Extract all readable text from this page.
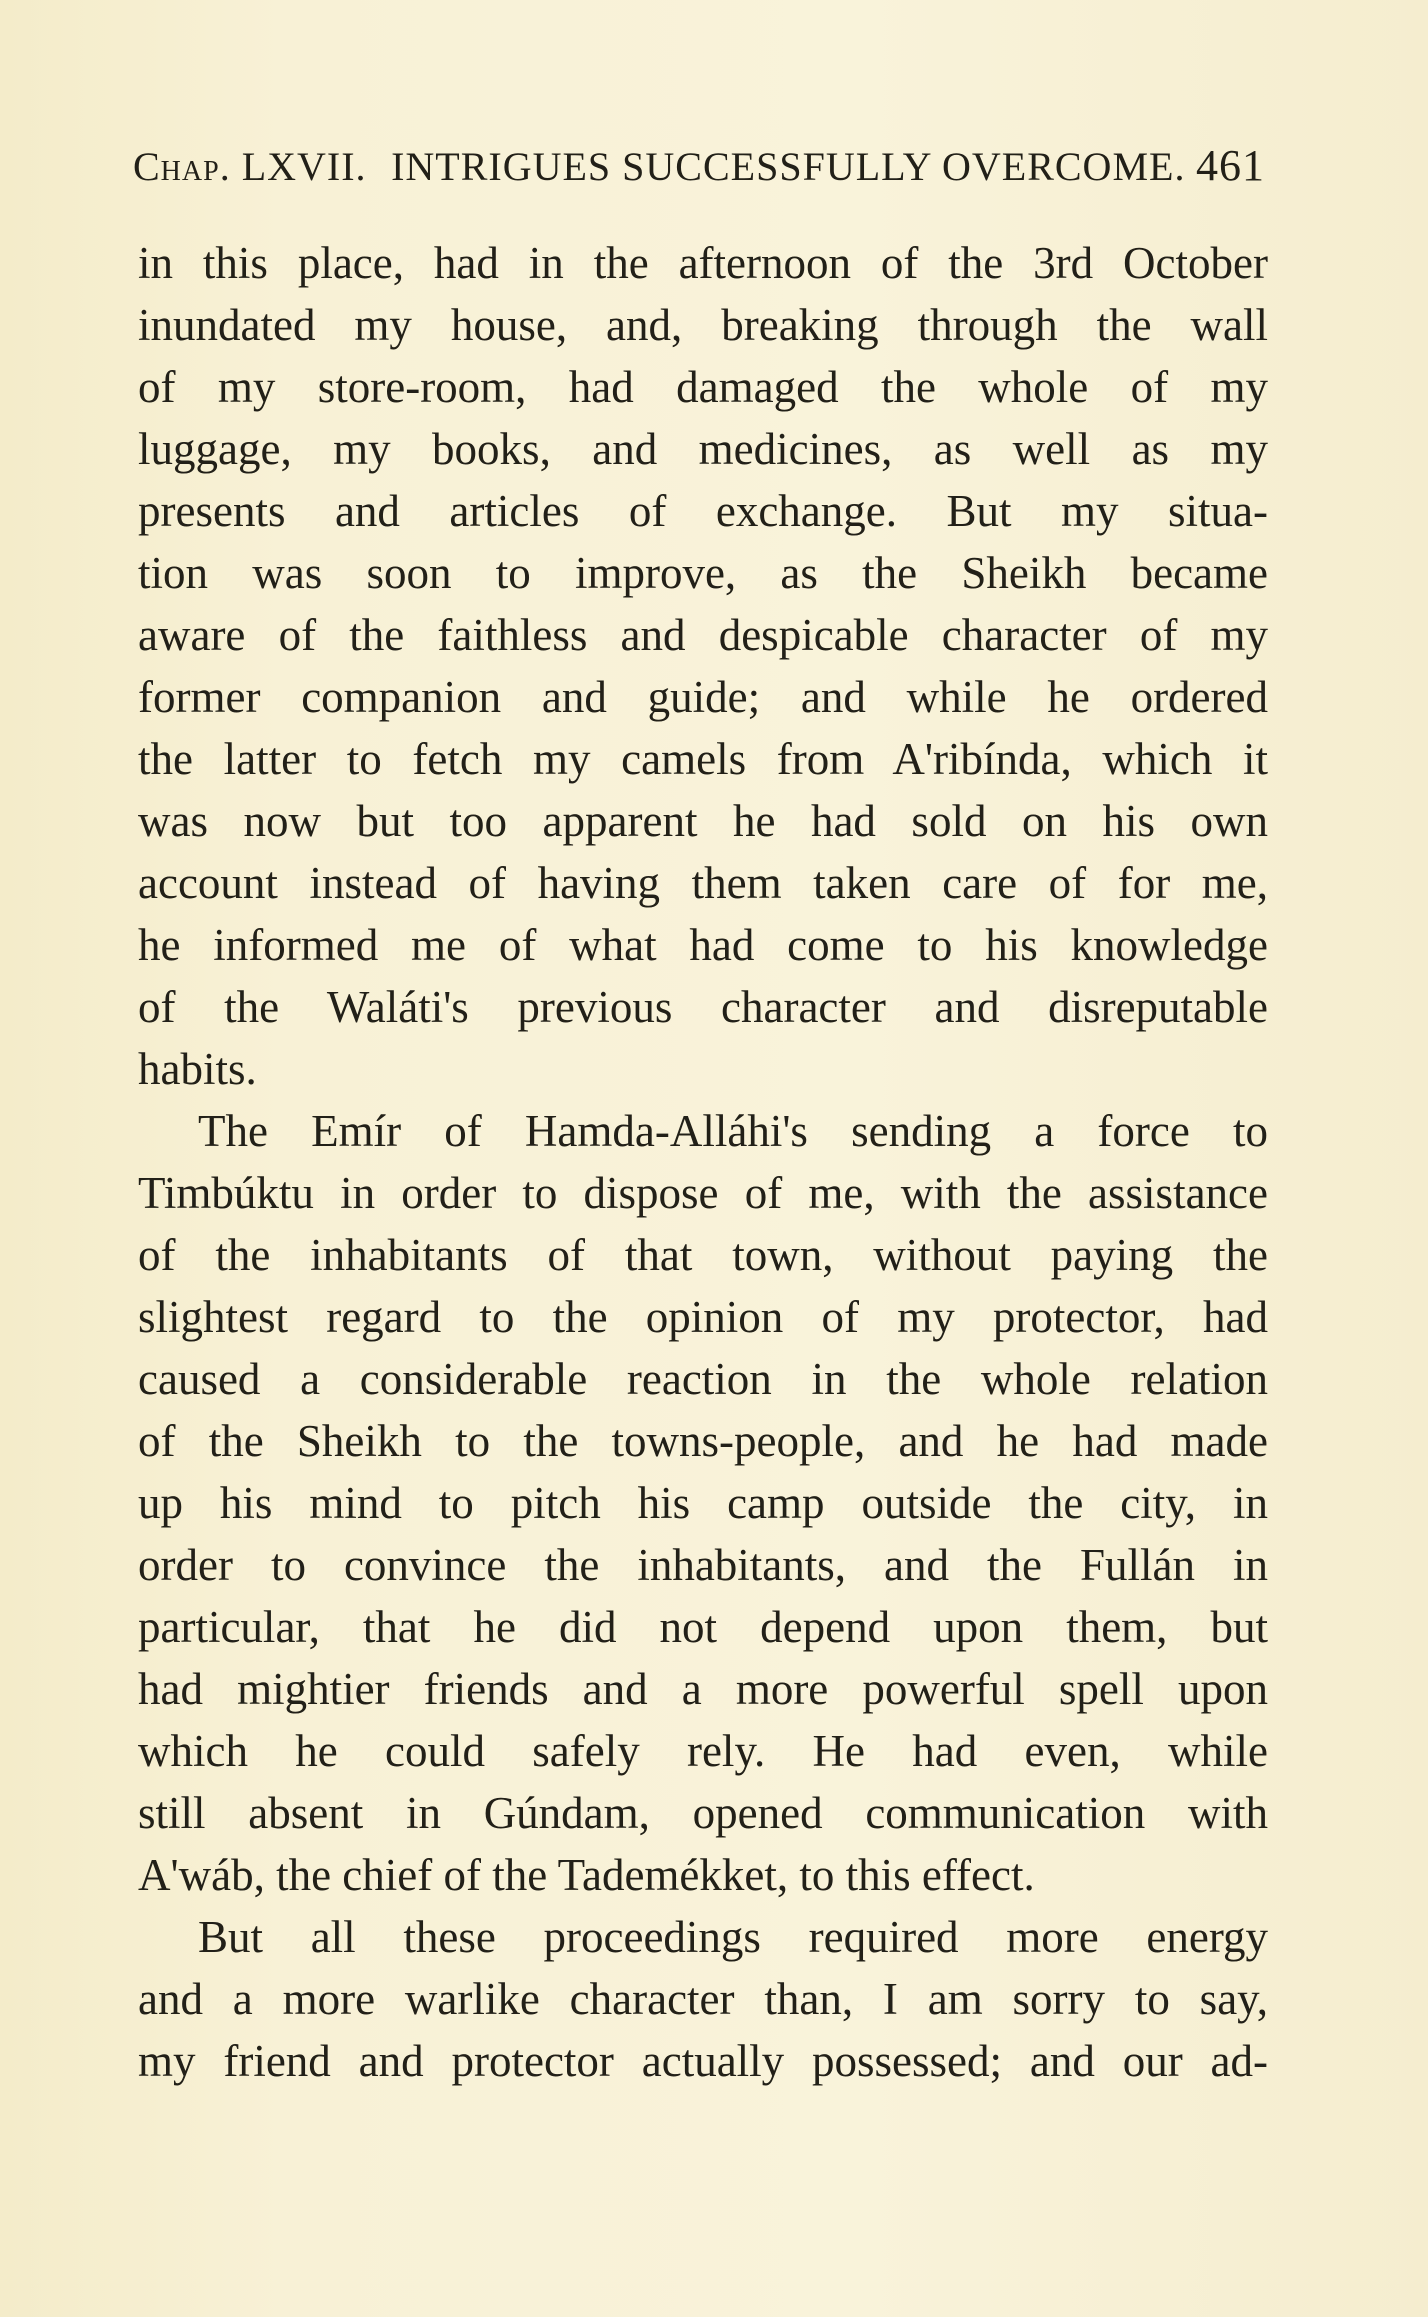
Chap. LXVII. INTRIGUES SUCCESSFULLY OVERCOME. 461
in this place, had in the afternoon of the 3rd October
inundated my house, and, breaking through the wall
of my store-room, had damaged the whole of my
luggage, my books, and medicines, as well as my
presents and articles of exchange. But my situa-
tion was soon to improve, as the Sheikh became
aware of the faithless and despicable character of my
former companion and guide; and while he ordered
the latter to fetch my camels from A'ribínda, which it
was now but too apparent he had sold on his own
account instead of having them taken care of for me,
he informed me of what had come to his knowledge
of the Waláti's previous character and disreputable
habits.
The Emír of Hamda-Alláhi's sending a force to
Timbúktu in order to dispose of me, with the assistance
of the inhabitants of that town, without paying the
slightest regard to the opinion of my protector, had
caused a considerable reaction in the whole relation
of the Sheikh to the towns-people, and he had made
up his mind to pitch his camp outside the city, in
order to convince the inhabitants, and the Fullán in
particular, that he did not depend upon them, but
had mightier friends and a more powerful spell upon
which he could safely rely. He had even, while
still absent in Gúndam, opened communication with
A'wáb, the chief of the Tademékket, to this effect.
But all these proceedings required more energy
and a more warlike character than, I am sorry to say,
my friend and protector actually possessed; and our ad-
